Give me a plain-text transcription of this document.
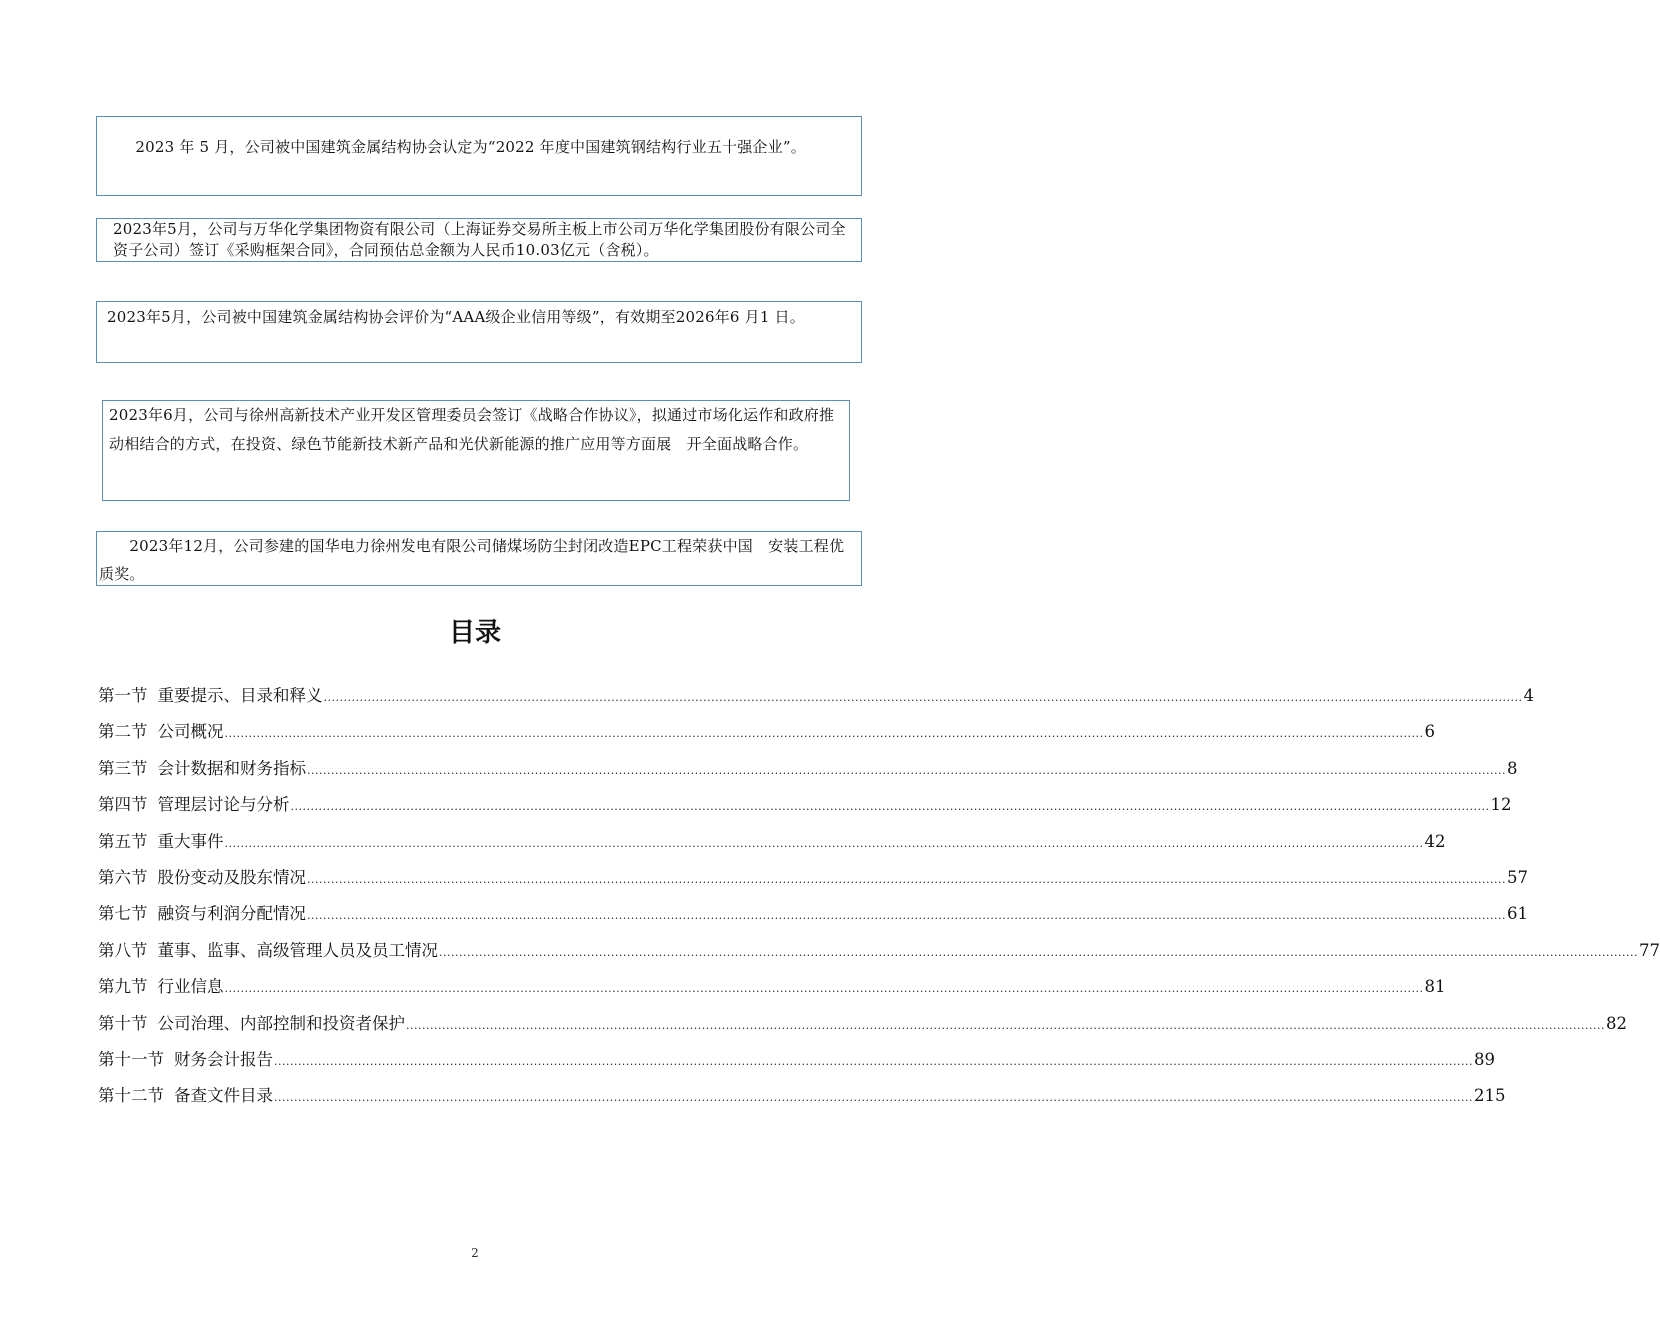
　　2023 年 5 月，公司被中国建筑金属结构协会认定为“2022 年度中国建筑钢结构行业五十强企业”。
2023年5月，公司与万华化学集团物资有限公司（上海证券交易所主板上市公司万华化学集团股份有限公司全资子公司）签订《采购框架合同》，合同预估总金额为人民币10.03亿元（含税）。
2023年5月，公司被中国建筑金属结构协会评价为“AAA级企业信用等级”，有效期至2026年6 月1 日。
2023年6月，公司与徐州高新技术产业开发区管理委员会签订《战略合作协议》，拟通过市场化运作和政府推动相结合的方式，在投资、绿色节能新技术新产品和光伏新能源的推广应用等方面展　开全面战略合作。
　　2023年12月，公司参建的国华电力徐州发电有限公司储煤场防尘封闭改造EPC工程荣获中国　安装工程优质奖。
目录
第一节 重要提示、目录和释义 ............................................................................................................................................................................................................................................................................................................ 4
第二节 公司概况 ............................................................................................................................................................................................................................................................................................................ 6
第三节 会计数据和财务指标 ............................................................................................................................................................................................................................................................................................................ 8
第四节 管理层讨论与分析 ............................................................................................................................................................................................................................................................................................................ 12
第五节 重大事件 ............................................................................................................................................................................................................................................................................................................ 42
第六节 股份变动及股东情况 ............................................................................................................................................................................................................................................................................................................ 57
第七节 融资与利润分配情况 ............................................................................................................................................................................................................................................................................................................ 61
第八节 董事、监事、高级管理人员及员工情况 ............................................................................................................................................................................................................................................................................................................ 77
第九节 行业信息 ............................................................................................................................................................................................................................................................................................................ 81
第十节 公司治理、内部控制和投资者保护 ............................................................................................................................................................................................................................................................................................................ 82
第十一节 财务会计报告 ............................................................................................................................................................................................................................................................................................................ 89
第十二节 备查文件目录 ............................................................................................................................................................................................................................................................................................................ 215
2
